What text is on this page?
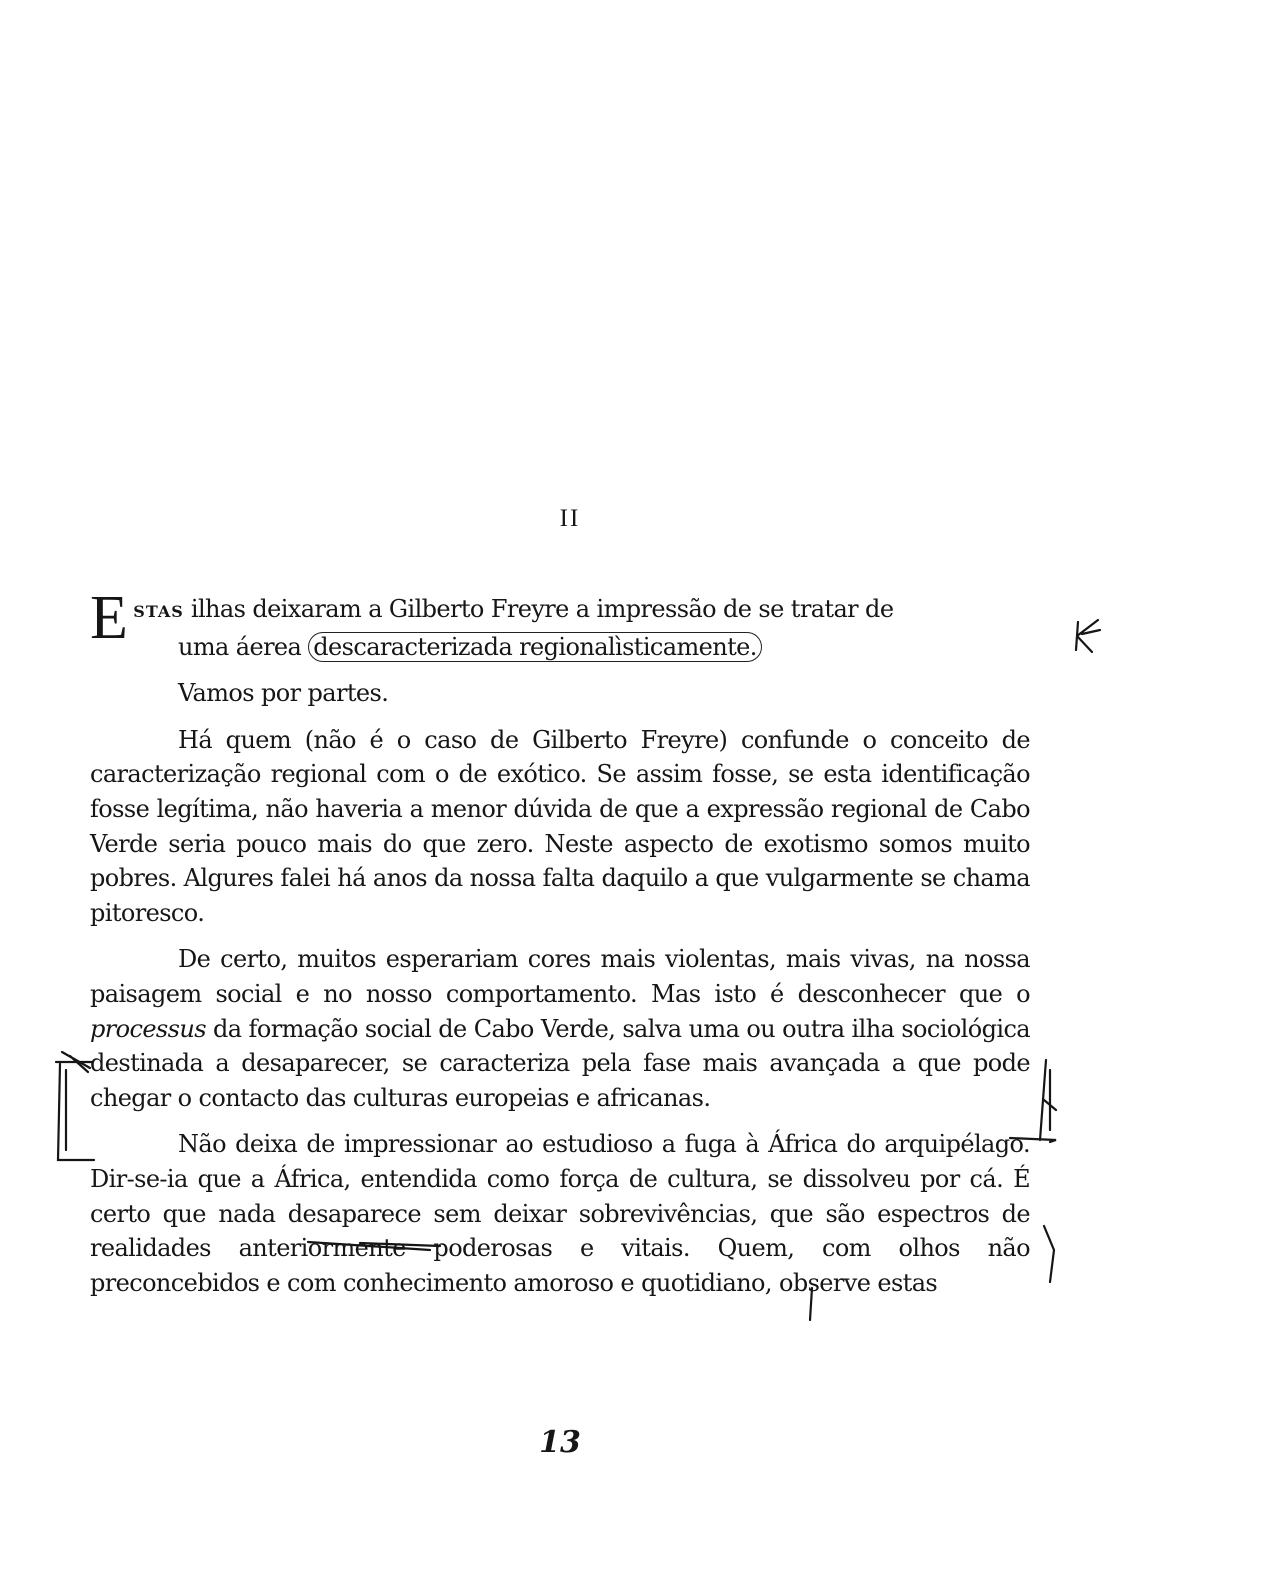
II

E STAS ilhas deixaram a Gilberto Freyre a impressão de se tratar de
uma áerea descaracterizada regionalìsticamente.

Vamos por partes.

Há quem (não é o caso de Gilberto Freyre) confunde o conceito de caracterização regional com o de exótico. Se assim fosse, se esta identificação fosse legítima, não haveria a menor dúvida de que a expressão regional de Cabo Verde seria pouco mais do que zero. Neste aspecto de exotismo somos muito pobres. Algures falei há anos da nossa falta daquilo a que vulgarmente se chama pitoresco.

De certo, muitos esperariam cores mais violentas, mais vivas, na nossa paisagem social e no nosso comportamento. Mas isto é desconhecer que o processus da formação social de Cabo Verde, salva uma ou outra ilha sociológica destinada a desaparecer, se caracteriza pela fase mais avançada a que pode chegar o contacto das culturas europeias e africanas.

Não deixa de impressionar ao estudioso a fuga à África do arquipélago. Dir-se-ia que a África, entendida como força de cultura, se dissolveu por cá. É certo que nada desaparece sem deixar sobrevivências, que são espectros de realidades anteriormente poderosas e vitais. Quem, com olhos não preconcebidos e com conhecimento amoroso e quotidiano, observe estas

13
